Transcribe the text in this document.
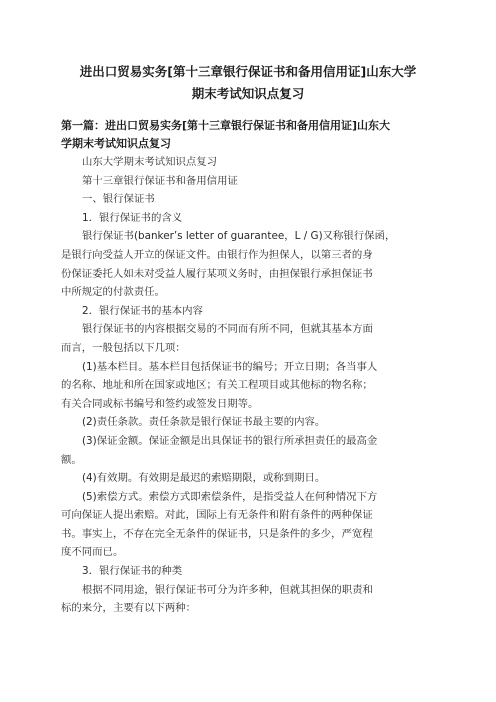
进出口贸易实务[第十三章银行保证书和备用信用证]山东大学
期末考试知识点复习
第一篇：进出口贸易实务[第十三章银行保证书和备用信用证]山东大
学期末考试知识点复习
山东大学期末考试知识点复习
第十三章银行保证书和备用信用证
一、银行保证书
1．银行保证书的含义
银行保证书(banker’s letter of guarantee，L / G)又称银行保函，
是银行向受益人开立的保证文件。由银行作为担保人，以第三者的身
份保证委托人如未对受益人履行某项义务时，由担保银行承担保证书
中所规定的付款责任。
2．银行保证书的基本内容
银行保证书的内容根据交易的不同而有所不同，但就其基本方面
而言，一般包括以下几项：
(1)基本栏目。基本栏目包括保证书的编号；开立日期；各当事人
的名称、地址和所在国家或地区；有关工程项目或其他标的物名称；
有关合同或标书编号和签约或签发日期等。
(2)责任条款。责任条款是银行保证书最主要的内容。
(3)保证金额。保证金额是出具保证书的银行所承担责任的最高金
额。
(4)有效期。有效期是最迟的索赔期限，或称到期日。
(5)索偿方式。索偿方式即索偿条件，是指受益人在何种情况下方
可向保证人提出索赔。对此，国际上有无条件和附有条件的两种保证
书。事实上，不存在完全无条件的保证书，只是条件的多少，严宽程
度不同而已。
3．银行保证书的种类
根据不同用途，银行保证书可分为许多种，但就其担保的职责和
标的来分，主要有以下两种：
